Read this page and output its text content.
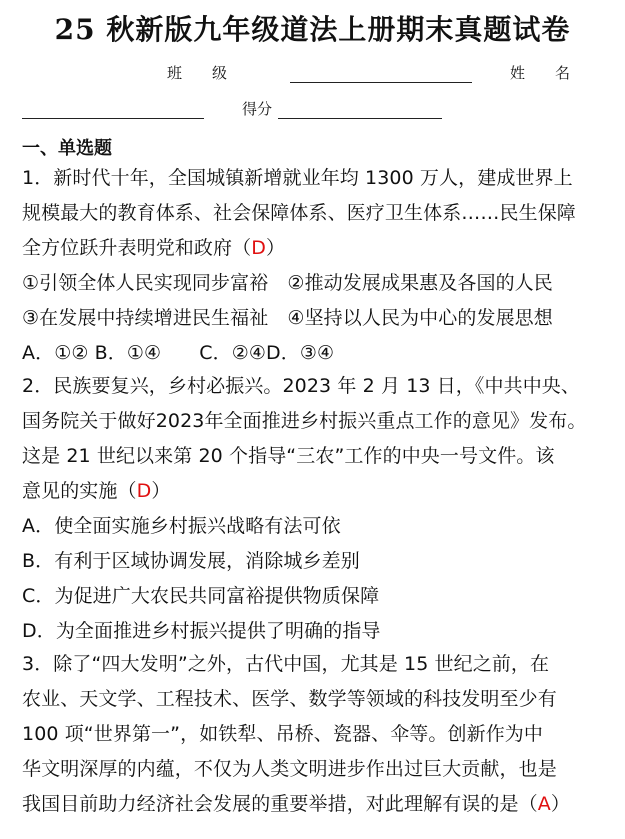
25 秋新版九年级道法上册期末真题试卷
班　　级	姓　　名
得分
一、单选题
1．新时代十年，全国城镇新增就业年均 1300 万人，建成世界上
规模最大的教育体系、社会保障体系、医疗卫生体系……民生保障
全方位跃升表明党和政府（D）
①引领全体人民实现同步富裕　②推动发展成果惠及各国的人民
③在发展中持续增进民生福祉　④坚持以人民为中心的发展思想
A．①② B．①④　　C．②④D．③④
2．民族要复兴，乡村必振兴。2023 年 2 月 13 日，《中共中央、
国务院关于做好2023年全面推进乡村振兴重点工作的意见》发布。
这是 21 世纪以来第 20 个指导“三农”工作的中央一号文件。该
意见的实施（D）
A．使全面实施乡村振兴战略有法可依
B．有利于区域协调发展，消除城乡差别
C．为促进广大农民共同富裕提供物质保障
D．为全面推进乡村振兴提供了明确的指导
3．除了“四大发明”之外，古代中国，尤其是 15 世纪之前，在
农业、天文学、工程技术、医学、数学等领域的科技发明至少有
100 项“世界第一”，如铁犁、吊桥、瓷器、伞等。创新作为中
华文明深厚的内蕴，不仅为人类文明进步作出过巨大贡献，也是
我国目前助力经济社会发展的重要举措，对此理解有误的是（A）
